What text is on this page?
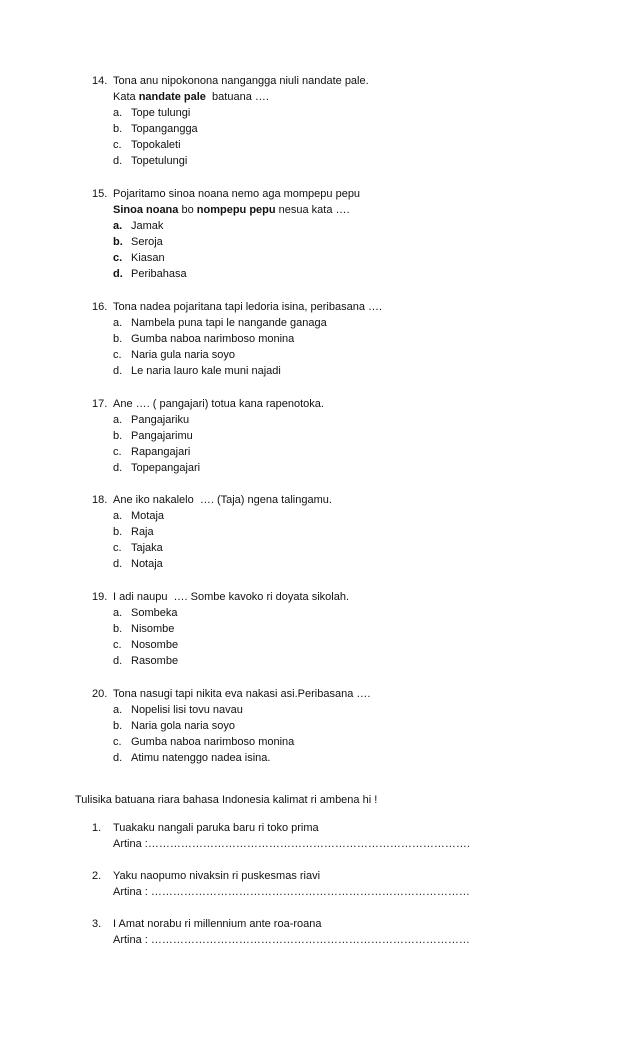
14. Tona anu nipokonona nangangga niuli nandate pale.
Kata nandate pale  batuana ….
a. Tope tulungi
b. Topangangga
c. Topokaleti
d. Topetulungi
15. Pojaritamo sinoa noana nemo aga mompepu pepu
Sinoa noana bo nompepu pepu nesua kata ….
a. Jamak
b. Seroja
c. Kiasan
d. Peribahasa
16. Tona nadea pojaritana tapi ledoria isina, peribasana ….
a. Nambela puna tapi le nangande ganaga
b. Gumba naboa narimboso monina
c. Naria gula naria soyo
d. Le naria lauro kale muni najadi
17. Ane …. ( pangajari) totua kana rapenotoka.
a. Pangajariku
b. Pangajarimu
c. Rapangajari
d. Topepangajari
18. Ane iko nakalelo  …. (Taja) ngena talingamu.
a. Motaja
b. Raja
c. Tajaka
d. Notaja
19. I adi naupu  …. Sombe kavoko ri doyata sikolah.
a. Sombeka
b. Nisombe
c. Nosombe
d. Rasombe
20. Tona nasugi tapi nikita eva nakasi asi.Peribasana ….
a. Nopelisi lisi tovu navau
b. Naria gola naria soyo
c. Gumba naboa narimboso monina
d. Atimu natenggo nadea isina.
Tulisika batuana riara bahasa Indonesia kalimat ri ambena hi !
1. Tuakaku nangali paruka baru ri toko prima
Artina :…………………………………………………………………………….
2. Yaku naopumo nivaksin ri puskesmas riavi
Artina : ……………………………………………………………………………
3. I Amat norabu ri millennium ante roa-roana
Artina : ……………………………………………………………………………
